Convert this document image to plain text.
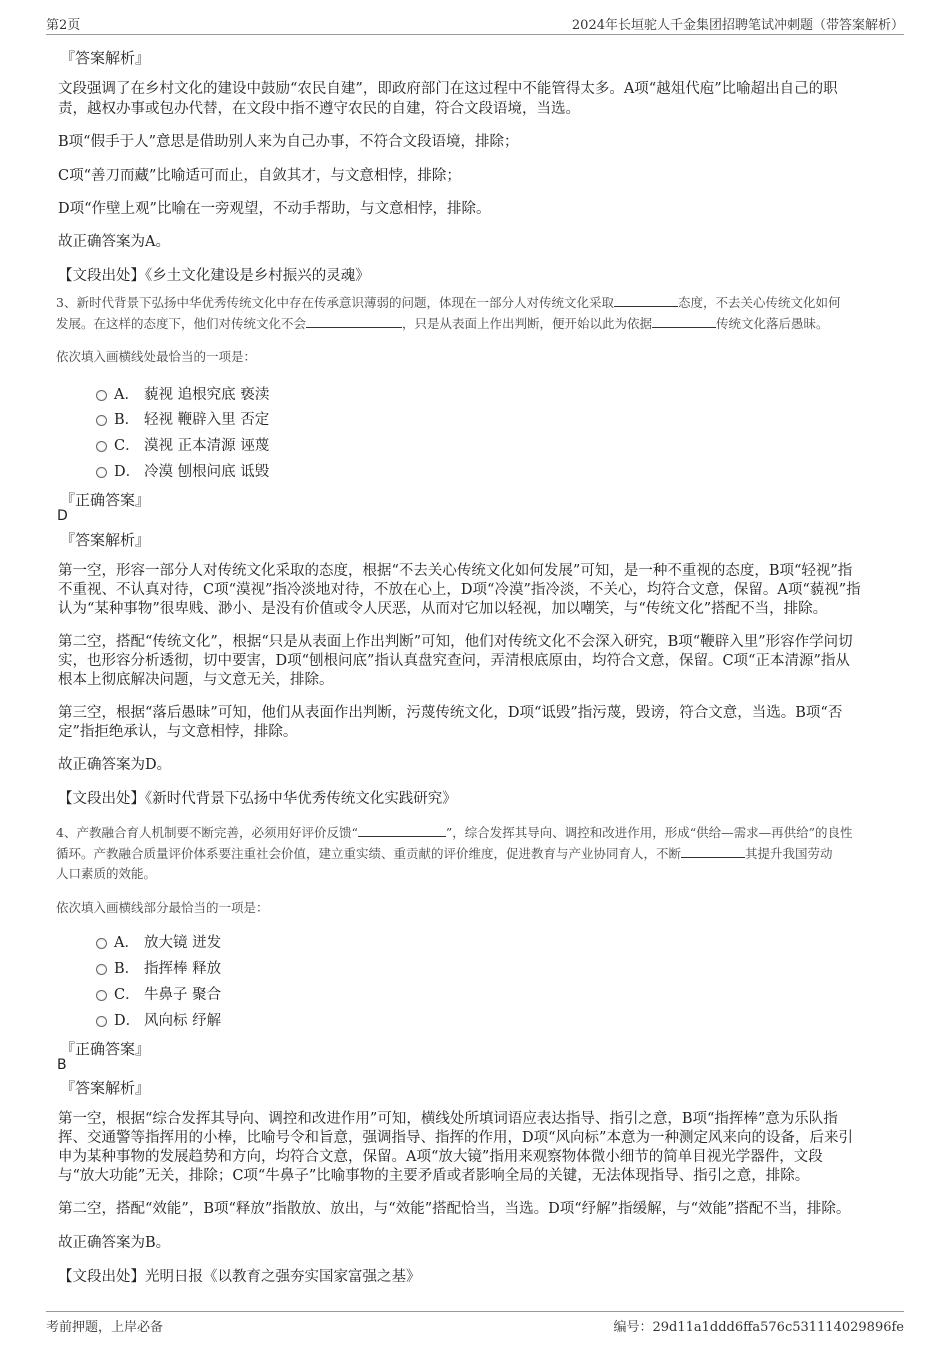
第2页	2024年长垣驼人千金集团招聘笔试冲刺题（带答案解析）
『答案解析』
文段强调了在乡村文化的建设中鼓励“农民自建”，即政府部门在这过程中不能管得太多。A项“越俎代庖”比喻超出自己的职
责，越权办事或包办代替，在文段中指不遵守农民的自建，符合文段语境，当选。
B项“假手于人”意思是借助别人来为自己办事，不符合文段语境，排除；
C项“善刀而藏”比喻适可而止，自敛其才，与文意相悖，排除；
D项“作壁上观”比喻在一旁观望，不动手帮助，与文意相悖，排除。
故正确答案为A。
【文段出处】《乡土文化建设是乡村振兴的灵魂》
3、新时代背景下弘扬中华优秀传统文化中存在传承意识薄弱的问题，体现在一部分人对传统文化采取	态度，不去关心传统文化如何
发展。在这样的态度下，他们对传统文化不会	，只是从表面上作出判断，便开始以此为依据	传统文化落后愚昧。
依次填入画横线处最恰当的一项是：
A． 藐视 追根究底 亵渎
B． 轻视 鞭辟入里 否定
C． 漠视 正本清源 诬蔑
D． 冷漠 刨根问底 诋毁
『正确答案』
D
『答案解析』
第一空，形容一部分人对传统文化采取的态度，根据“不去关心传统文化如何发展”可知，是一种不重视的态度，B项“轻视”指
不重视、不认真对待，C项“漠视”指冷淡地对待，不放在心上，D项“冷漠”指冷淡，不关心，均符合文意，保留。A项“藐视”指
认为“某种事物”很卑贱、渺小、是没有价值或令人厌恶，从而对它加以轻视，加以嘲笑，与“传统文化”搭配不当，排除。
第二空，搭配“传统文化”，根据“只是从表面上作出判断”可知，他们对传统文化不会深入研究，B项“鞭辟入里”形容作学问切
实，也形容分析透彻，切中要害，D项“刨根问底”指认真盘究查问，弄清根底原由，均符合文意，保留。C项“正本清源”指从
根本上彻底解决问题，与文意无关，排除。
第三空，根据“落后愚昧”可知，他们从表面作出判断，污蔑传统文化，D项“诋毁”指污蔑，毁谤，符合文意，当选。B项“否
定”指拒绝承认，与文意相悖，排除。
故正确答案为D。
【文段出处】《新时代背景下弘扬中华优秀传统文化实践研究》
4、产教融合育人机制要不断完善，必须用好评价反馈“	”，综合发挥其导向、调控和改进作用，形成“供给—需求—再供给”的良性
循环。产教融合质量评价体系要注重社会价值，建立重实绩、重贡献的评价维度，促进教育与产业协同育人，不断	其提升我国劳动
人口素质的效能。
依次填入画横线部分最恰当的一项是：
A． 放大镜 迸发
B． 指挥棒 释放
C． 牛鼻子 聚合
D． 风向标 纾解
『正确答案』
B
『答案解析』
第一空，根据“综合发挥其导向、调控和改进作用”可知，横线处所填词语应表达指导、指引之意，B项“指挥棒”意为乐队指
挥、交通警等指挥用的小棒，比喻号令和旨意，强调指导、指挥的作用，D项“风向标”本意为一种测定风来向的设备，后来引
申为某种事物的发展趋势和方向，均符合文意，保留。A项“放大镜”指用来观察物体微小细节的简单目视光学器件，文段
与“放大功能”无关，排除；C项“牛鼻子”比喻事物的主要矛盾或者影响全局的关键，无法体现指导、指引之意，排除。
第二空，搭配“效能”，B项“释放”指散放、放出，与“效能”搭配恰当，当选。D项“纾解”指缓解，与“效能”搭配不当，排除。
故正确答案为B。
【文段出处】光明日报《以教育之强夯实国家富强之基》
考前押题，上岸必备	编号：29d11a1ddd6ffa576c531114029896fe
